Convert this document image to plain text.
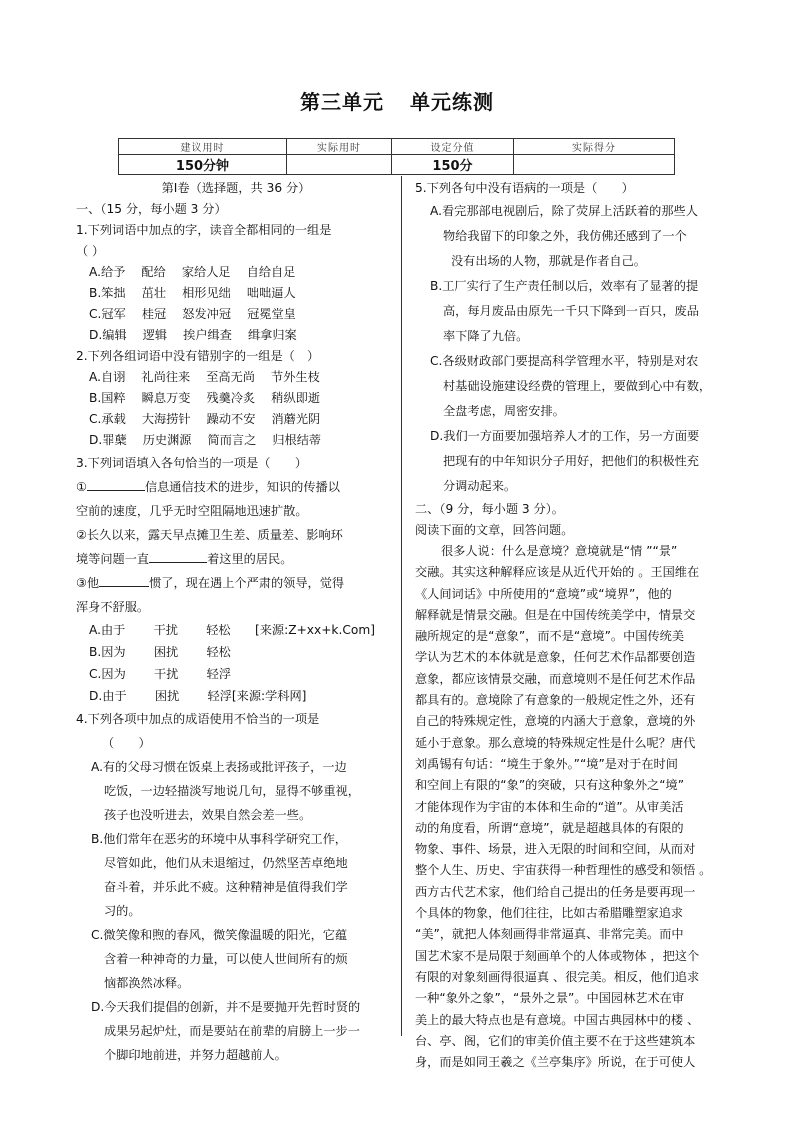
第三单元 单元练测
建议用时	实际用时	设定分值	实际得分
150分钟		150分	

第Ⅰ卷（选择题，共 36 分）

一、（15 分，每小题 3 分）

1.下列词语中加点的字，读音全都相同的一组是

（ ）

A.给予　 配给　 家给人足　 自给自足

B.笨拙　 茁壮　 相形见绌　 咄咄逼人

C.冠军　 桂冠　 怒发冲冠　 冠冕堂皇

D.编辑　 逻辑　 挨户缉查　 缉拿归案

2.下列各组词语中没有错别字的一组是（　）

A.自诩　 礼尚往来　 至高无尚　 节外生枝

B.国粹　 瞬息万变　 残羹冷炙　 稍纵即逝

C.承载　 大海捞针　 躁动不安　 消蘑光阴

D.罪蘖　 历史渊源　 简而言之　 归根结蒂

3.下列词语填入各句恰当的一项是（　　）

①	信息通信技术的进步，知识的传播以

空前的速度，几乎无时空阻隔地迅速扩散。

②长久以来，露天早点摊卫生差、质量差、影响环

境等问题一直	着这里的居民。

③他	惯了，现在遇上个严肃的领导，觉得

浑身不舒服。

A.由于　　 干扰　　 轻松　　[来源:Z+xx+k.Com]

B.因为　　 困扰　　 轻松

C.因为　　 干扰　　 轻浮

D.由于　　 困扰　　 轻浮[来源:学科网]

4.下列各项中加点的成语使用不恰当的一项是

（　　）

A.有的父母习惯在饭桌上表扬或批评孩子，一边

吃饭，一边轻描淡写地说几句，显得不够重视，

孩子也没听进去，效果自然会差一些。

B.他们常年在恶劣的环境中从事科学研究工作，

尽管如此，他们从未退缩过，仍然坚苦卓绝地

奋斗着，并乐此不疲。这种精神是值得我们学

习的。

C.微笑像和煦的春风，微笑像温暖的阳光，它蕴

含着一种神奇的力量，可以使人世间所有的烦

恼都涣然冰释。

D.今天我们提倡的创新，并不是要抛开先哲时贤的

成果另起炉灶，而是要站在前辈的肩膀上一步一

个脚印地前进，并努力超越前人。

5.下列各句中没有语病的一项是（　　）

A.看完那部电视剧后，除了荧屏上活跃着的那些人

物给我留下的印象之外，我仿佛还感到了一个

没有出场的人物，那就是作者自己。

B.工厂实行了生产责任制以后，效率有了显著的提

高，每月废品由原先一千只下降到一百只，废品

率下降了九倍。

C.各级财政部门要提高科学管理水平，特别是对农

村基础设施建设经费的管理上，要做到心中有数，

全盘考虑，周密安排。

D.我们一方面要加强培养人才的工作，另一方面要

把现有的中年知识分子用好，把他们的积极性充

分调动起来。

二、（9 分，每小题 3 分）。

阅读下面的文章，回答问题。

很多人说：什么是意境？意境就是“情 ”“景”

交融。其实这种解释应该是从近代开始的 。王国维在

《人间词话》中所使用的“意境”或“境界”，他的

解释就是情景交融。但是在中国传统美学中，情景交

融所规定的是“意象”，而不是“意境”。中国传统美

学认为艺术的本体就是意象，任何艺术作品都要创造

意象，都应该情景交融，而意境则不是任何艺术作品

都具有的。意境除了有意象的一般规定性之外，还有

自己的特殊规定性，意境的内涵大于意象，意境的外

延小于意象。那么意境的特殊规定性是什么呢？唐代

刘禹锡有句话：“境生于象外。”“境”是对于在时间

和空间上有限的“象”的突破，只有这种象外之“境”

才能体现作为宇宙的本体和生命的“道”。从审美活

动的角度看，所谓“意境”，就是超越具体的有限的

物象、事件、场景，进入无限的时间和空间，从而对

整个人生、历史、宇宙获得一种哲理性的感受和领悟 。

西方古代艺术家，他们给自己提出的任务是要再现一

个具体的物象，他们往往，比如古希腊雕塑家追求

“美”，就把人体刻画得非常逼真、非常完美。而中

国艺术家不是局限于刻画单个的人体或物体 ，把这个

有限的对象刻画得很逼真 、很完美。相反，他们追求

一种“象外之象”，“景外之景”。中国园林艺术在审

美上的最大特点也是有意境。中国古典园林中的楼 、

台、亭、阁，它们的审美价值主要不在于这些建筑本

身，而是如同王羲之《兰亭集序》所说，在于可使人
